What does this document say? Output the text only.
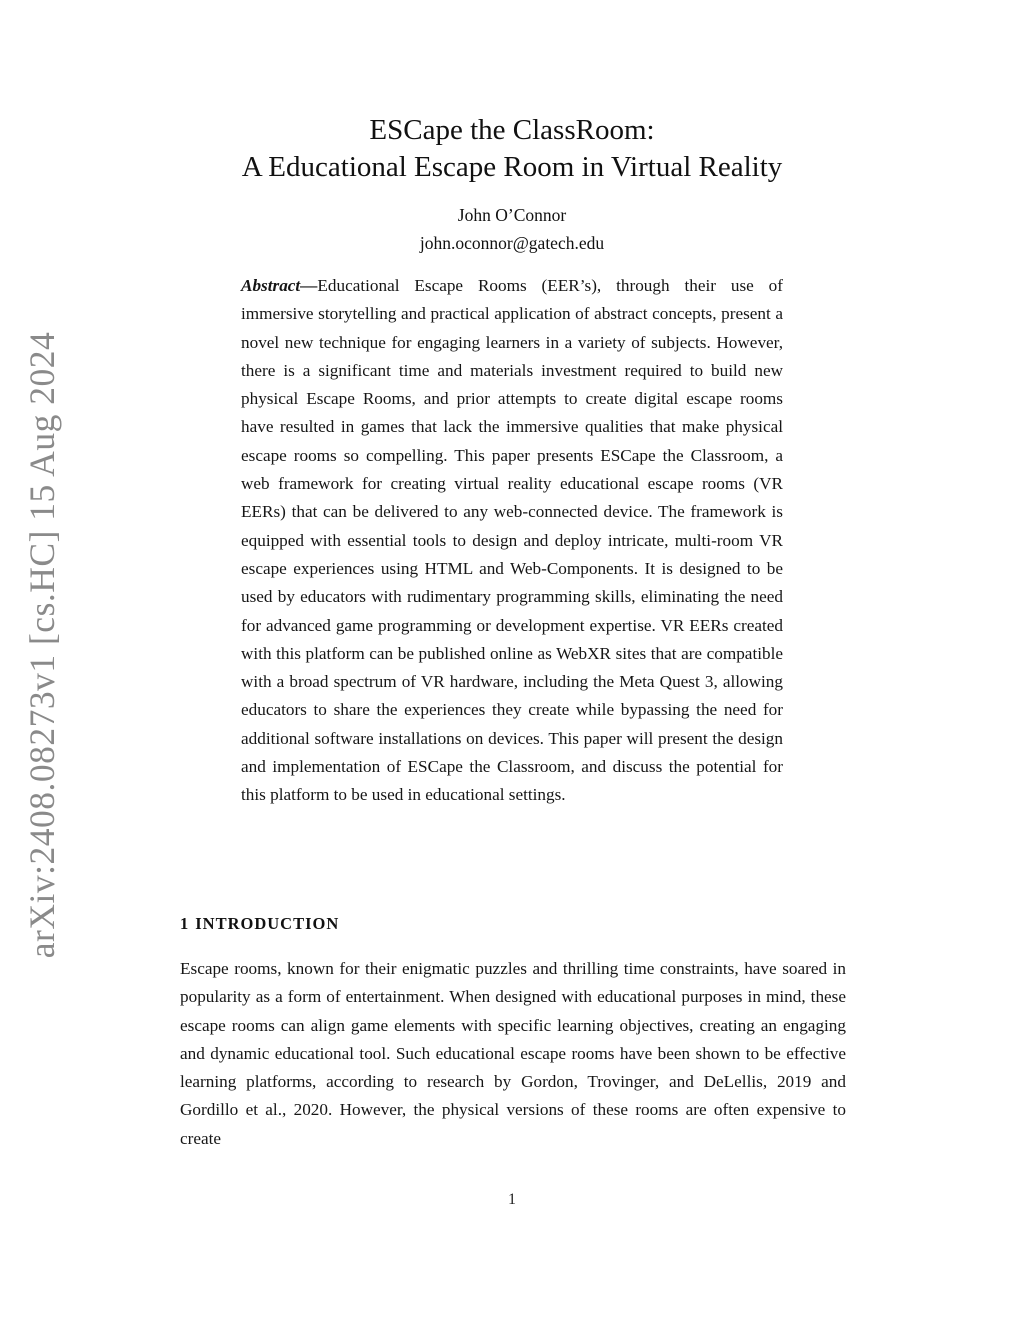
arXiv:2408.08273v1 [cs.HC] 15 Aug 2024
ESCape the ClassRoom:
A Educational Escape Room in Virtual Reality
John O’Connor
john.oconnor@gatech.edu
Abstract—Educational Escape Rooms (EER’s), through their use of immersive storytelling and practical application of abstract concepts, present a novel new technique for engaging learners in a variety of subjects. However, there is a significant time and materials investment required to build new physical Escape Rooms, and prior attempts to create digital escape rooms have resulted in games that lack the immersive qualities that make physical escape rooms so compelling. This paper presents ESCape the Classroom, a web framework for creating virtual reality educational escape rooms (VR EERs) that can be delivered to any web-connected device. The framework is equipped with essential tools to design and deploy intricate, multi-room VR escape experiences using HTML and Web-Components. It is designed to be used by educators with rudimentary programming skills, eliminating the need for advanced game programming or development expertise. VR EERs created with this platform can be published online as WebXR sites that are compatible with a broad spectrum of VR hardware, including the Meta Quest 3, allowing educators to share the experiences they create while bypassing the need for additional software installations on devices. This paper will present the design and implementation of ESCape the Classroom, and discuss the potential for this platform to be used in educational settings.
1 INTRODUCTION
Escape rooms, known for their enigmatic puzzles and thrilling time constraints, have soared in popularity as a form of entertainment. When designed with educational purposes in mind, these escape rooms can align game elements with specific learning objectives, creating an engaging and dynamic educational tool. Such educational escape rooms have been shown to be effective learning platforms, according to research by Gordon, Trovinger, and DeLellis, 2019 and Gordillo et al., 2020. However, the physical versions of these rooms are often expensive to create
1
